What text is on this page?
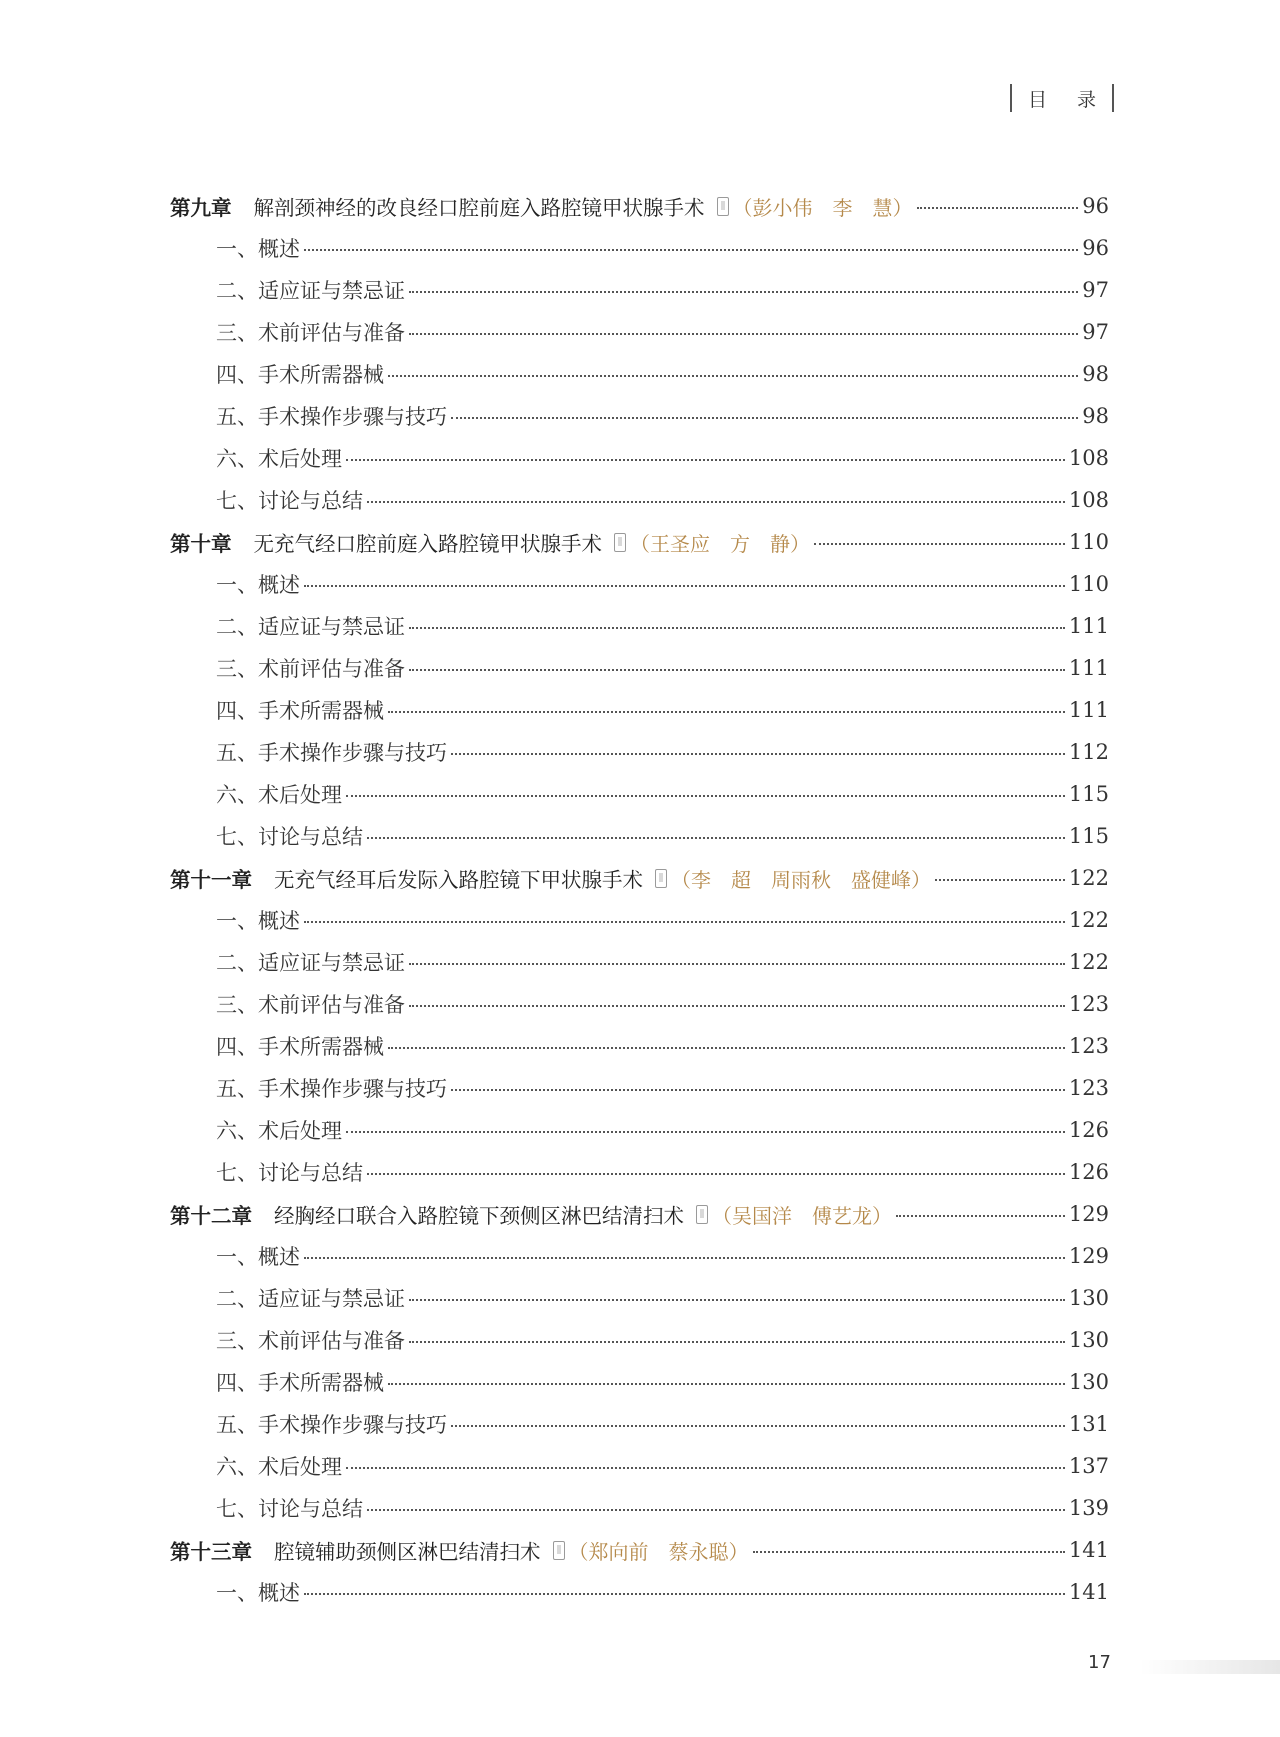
目 录
第九章 解剖颈神经的改良经口腔前庭入路腔镜甲状腺手术 （彭小伟　李　慧）	96
一、概述	96
二、适应证与禁忌证	97
三、术前评估与准备	97
四、手术所需器械	98
五、手术操作步骤与技巧	98
六、术后处理	108
七、讨论与总结	108
第十章 无充气经口腔前庭入路腔镜甲状腺手术 （王圣应　方　静）	110
一、概述	110
二、适应证与禁忌证	111
三、术前评估与准备	111
四、手术所需器械	111
五、手术操作步骤与技巧	112
六、术后处理	115
七、讨论与总结	115
第十一章 无充气经耳后发际入路腔镜下甲状腺手术 （李　超　周雨秋　盛健峰）	122
一、概述	122
二、适应证与禁忌证	122
三、术前评估与准备	123
四、手术所需器械	123
五、手术操作步骤与技巧	123
六、术后处理	126
七、讨论与总结	126
第十二章 经胸经口联合入路腔镜下颈侧区淋巴结清扫术 （吴国洋　傅艺龙）	129
一、概述	129
二、适应证与禁忌证	130
三、术前评估与准备	130
四、手术所需器械	130
五、手术操作步骤与技巧	131
六、术后处理	137
七、讨论与总结	139
第十三章 腔镜辅助颈侧区淋巴结清扫术 （郑向前　蔡永聪）	141
一、概述	141
17
